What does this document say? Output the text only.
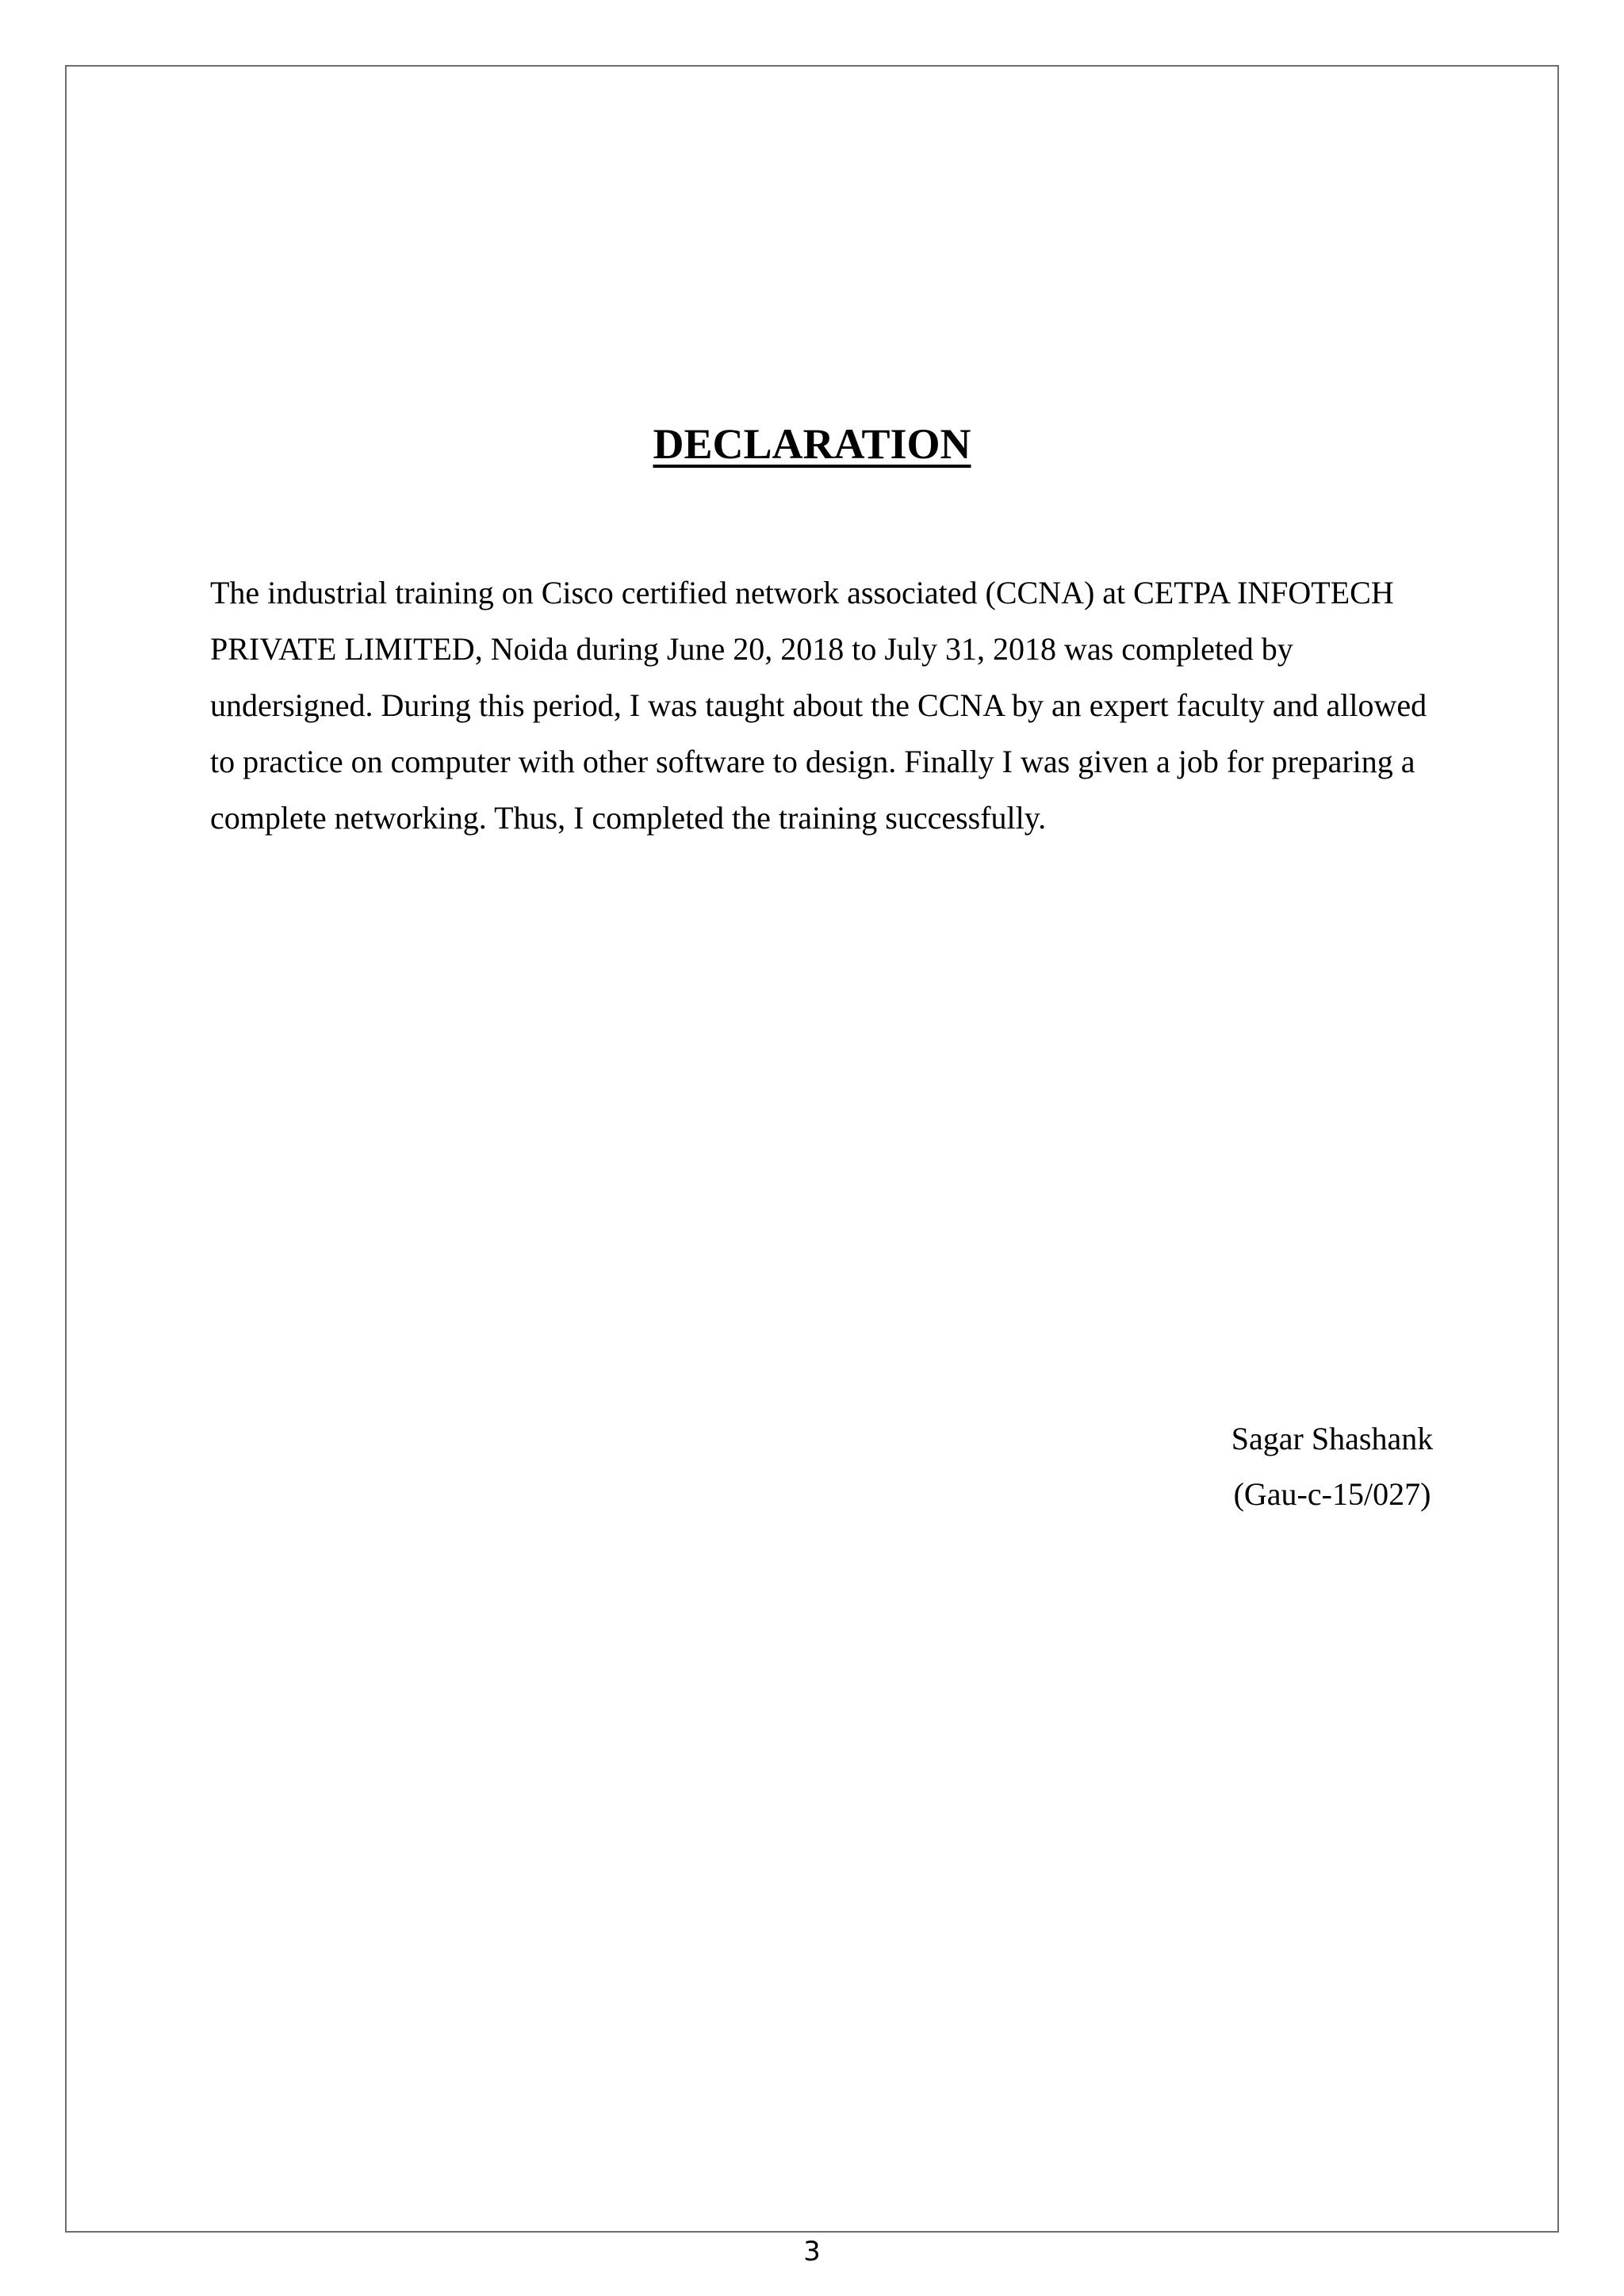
DECLARATION
The industrial training on Cisco certified network associated (CCNA) at CETPA INFOTECH
PRIVATE LIMITED, Noida during June 20, 2018 to July 31, 2018 was completed by
undersigned. During this period, I was taught about the CCNA by an expert faculty and allowed
to practice on computer with other software to design. Finally I was given a job for preparing a
complete networking. Thus, I completed the training successfully.
Sagar Shashank
(Gau-c-15/027)
3
